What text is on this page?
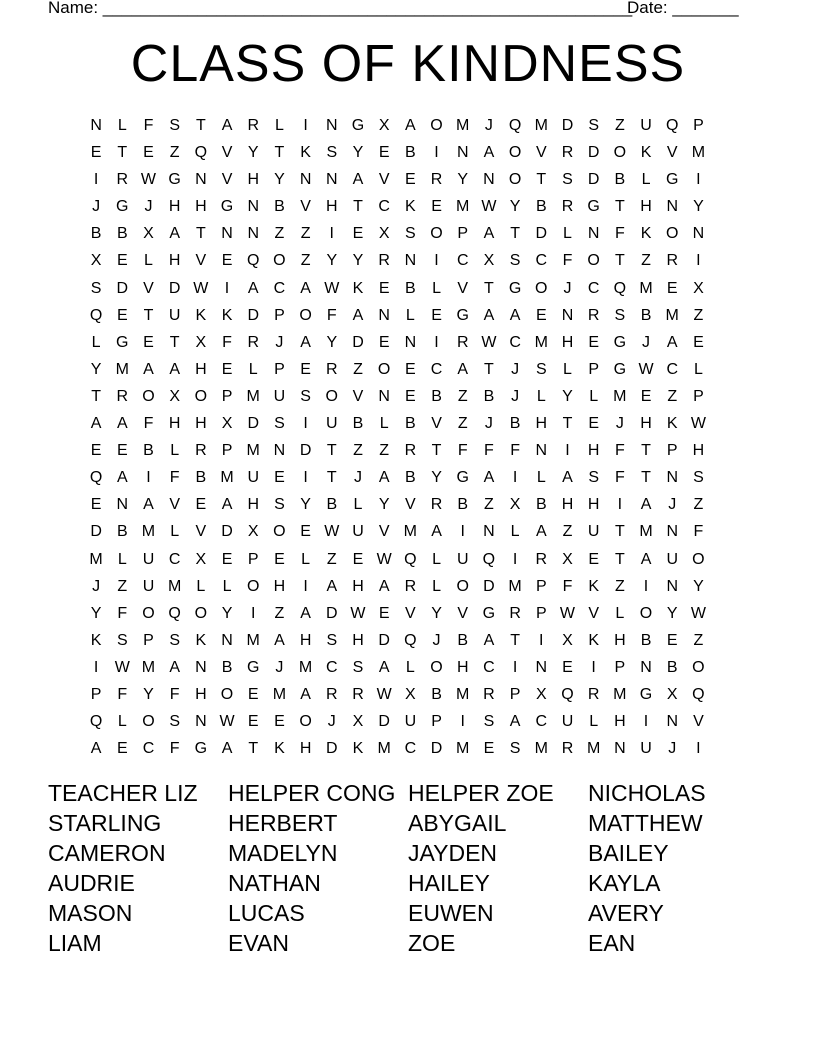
Name: ________________________________________________________
Date: _______
CLASS OF KINDNESS
N L	F S T A R L	I	N G X A O M J Q M D S Z U Q P
E T E Z Q V Y T K S Y E B	I	N A O V R D O K V M
I	R W G N V H Y N N A V E R Y N O T S D B	L G	I
J G J	H H G N B V H T C K E M W Y B R G T H N Y
B B X A T N N Z	Z	I	E X S O P A T D L N F K O N
X E	L H V E Q O Z Y Y R N	I	C X S C F O T	Z R	I
S D V D W	I	A C A W K E B	L	V T G O J	C Q M E X
Q E T U K K D P O F A N L	E G A A E N R S B M Z
L G E T X F R	J	A Y D E N	I	R W C M H E G J	A E
Y M A A H E	L	P E R Z O E C A T	J	S	L	P G W C L
T R O X O P M U S O V N E B Z B	J	L	Y	L M E Z P
A A F H H X D S	I	U B	L	B V Z	J	B H T E	J	H K W
E E B	L R P M N D T	Z	Z R T	F	F	F N	I	H F	T P H
Q A	I	F B M U E	I	T	J	A B Y G A	I	L	A S F	T N S
E N A V E A H S Y B	L	Y V R B Z X B H H	I	A	J	Z
D B M L	V D X O E W U V M A	I	N L	A Z U T M N F
M L U C X E P E	L	Z E W Q L U Q	I	R X E T A U O
J	Z U M L	L O H	I	A H A R L O D M P F K Z	I	N Y
Y F O Q O Y	I	Z A D W E V Y V G R P W V	L O Y W
K S P S K N M A H S H D Q J	B A T	I	X K H B E Z
I	W M A N B G J M C S A	L O H C	I	N E	I	P N B O
P F Y F H O E M A R R W X B M R P X Q R M G X Q
Q L O S N W E E O J	X D U P	I	S A C U L H	I	N V
A E C F G A T K H D K M C D M E S M R M N U	J	I
TEACHER LIZ	HELPER CONG HELPER ZOE	NICHOLAS
STARLING	HERBERT	ABYGAIL	MATTHEW
CAMERON	MADELYN	JAYDEN	BAILEY
AUDRIE	NATHAN	HAILEY	KAYLA
MASON	LUCAS	EUWEN	AVERY
LIAM	EVAN	ZOE	EAN
